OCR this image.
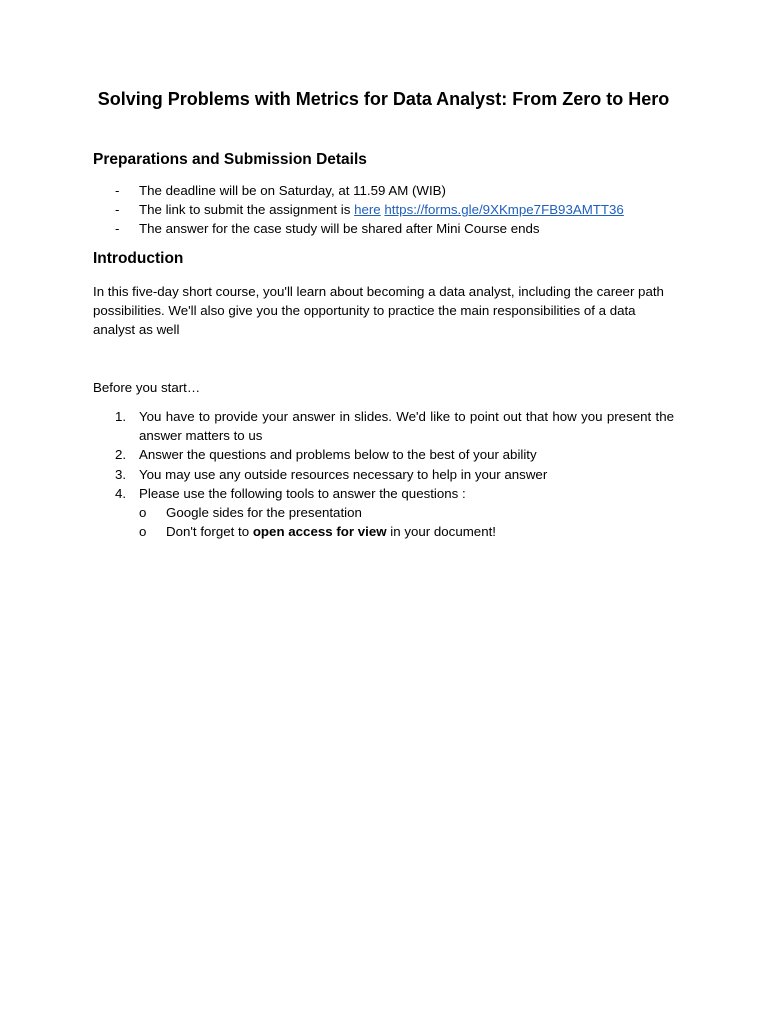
Solving Problems with Metrics for Data Analyst: From Zero to Hero
Preparations and Submission Details
- The deadline will be on Saturday, at 11.59 AM (WIB)
- The link to submit the assignment is here https://forms.gle/9XKmpe7FB93AMTT36
- The answer for the case study will be shared after Mini Course ends
Introduction

In this five-day short course, you'll learn about becoming a data analyst, including the career path possibilities. We'll also give you the opportunity to practice the main responsibilities of a data analyst as well

Before you start…

1. You have to provide your answer in slides. We'd like to point out that how you present the answer matters to us
2. Answer the questions and problems below to the best of your ability
3. You may use any outside resources necessary to help in your answer
4. Please use the following tools to answer the questions :
o Google sides for the presentation
o Don't forget to open access for view in your document!
